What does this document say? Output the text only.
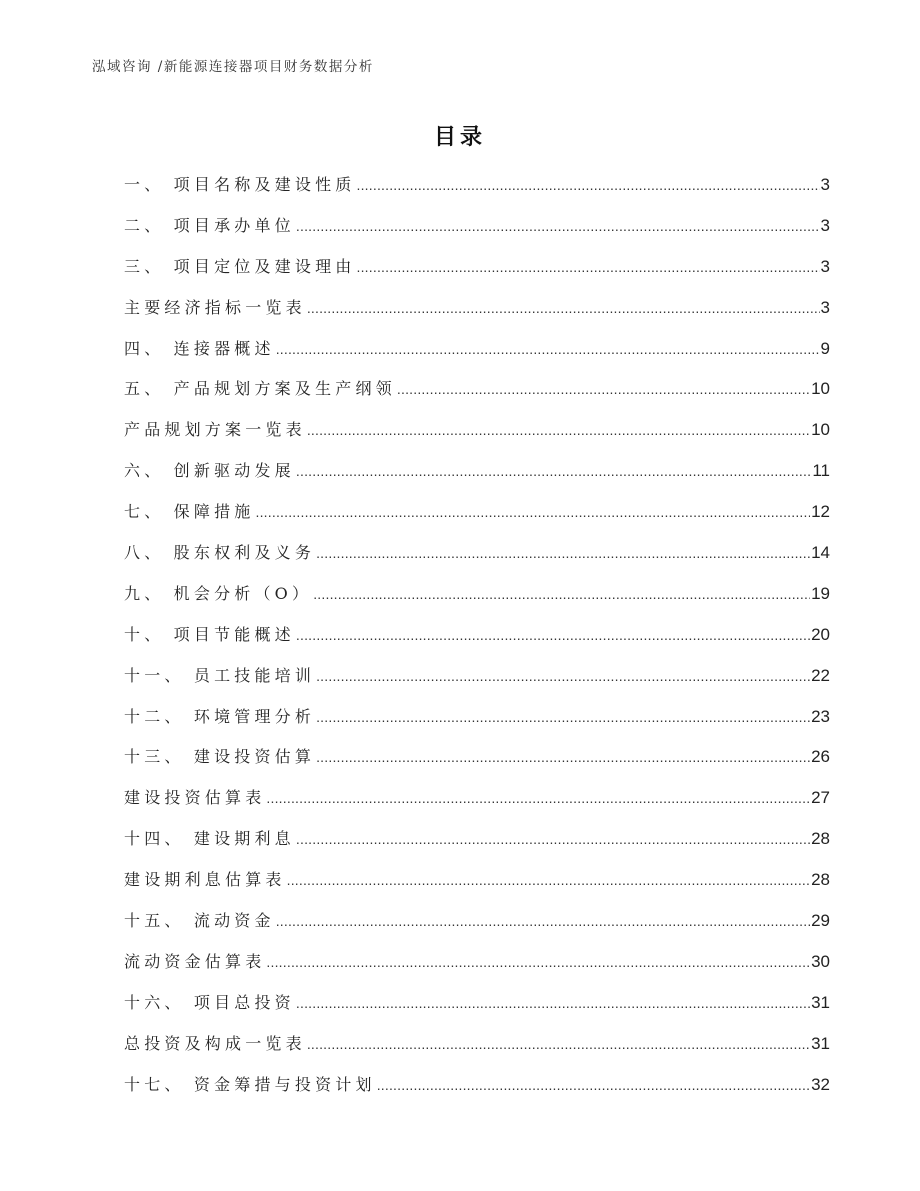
泓域咨询 /新能源连接器项目财务数据分析
目录
一、 项目名称及建设性质 .....	3
二、 项目承办单位 .....	3
三、 项目定位及建设理由 .....	3
主要经济指标一览表 .....	3
四、 连接器概述 .....	9
五、 产品规划方案及生产纲领 .....	10
产品规划方案一览表 .....	10
六、 创新驱动发展 .....	11
七、 保障措施 .....	12
八、 股东权利及义务 .....	14
九、 机会分析（O） .....	19
十、 项目节能概述 .....	20
十一、 员工技能培训 .....	22
十二、 环境管理分析 .....	23
十三、 建设投资估算 .....	26
建设投资估算表 .....	27
十四、 建设期利息 .....	28
建设期利息估算表 .....	28
十五、 流动资金 .....	29
流动资金估算表 .....	30
十六、 项目总投资 .....	31
总投资及构成一览表 .....	31
十七、 资金筹措与投资计划 .....	32
